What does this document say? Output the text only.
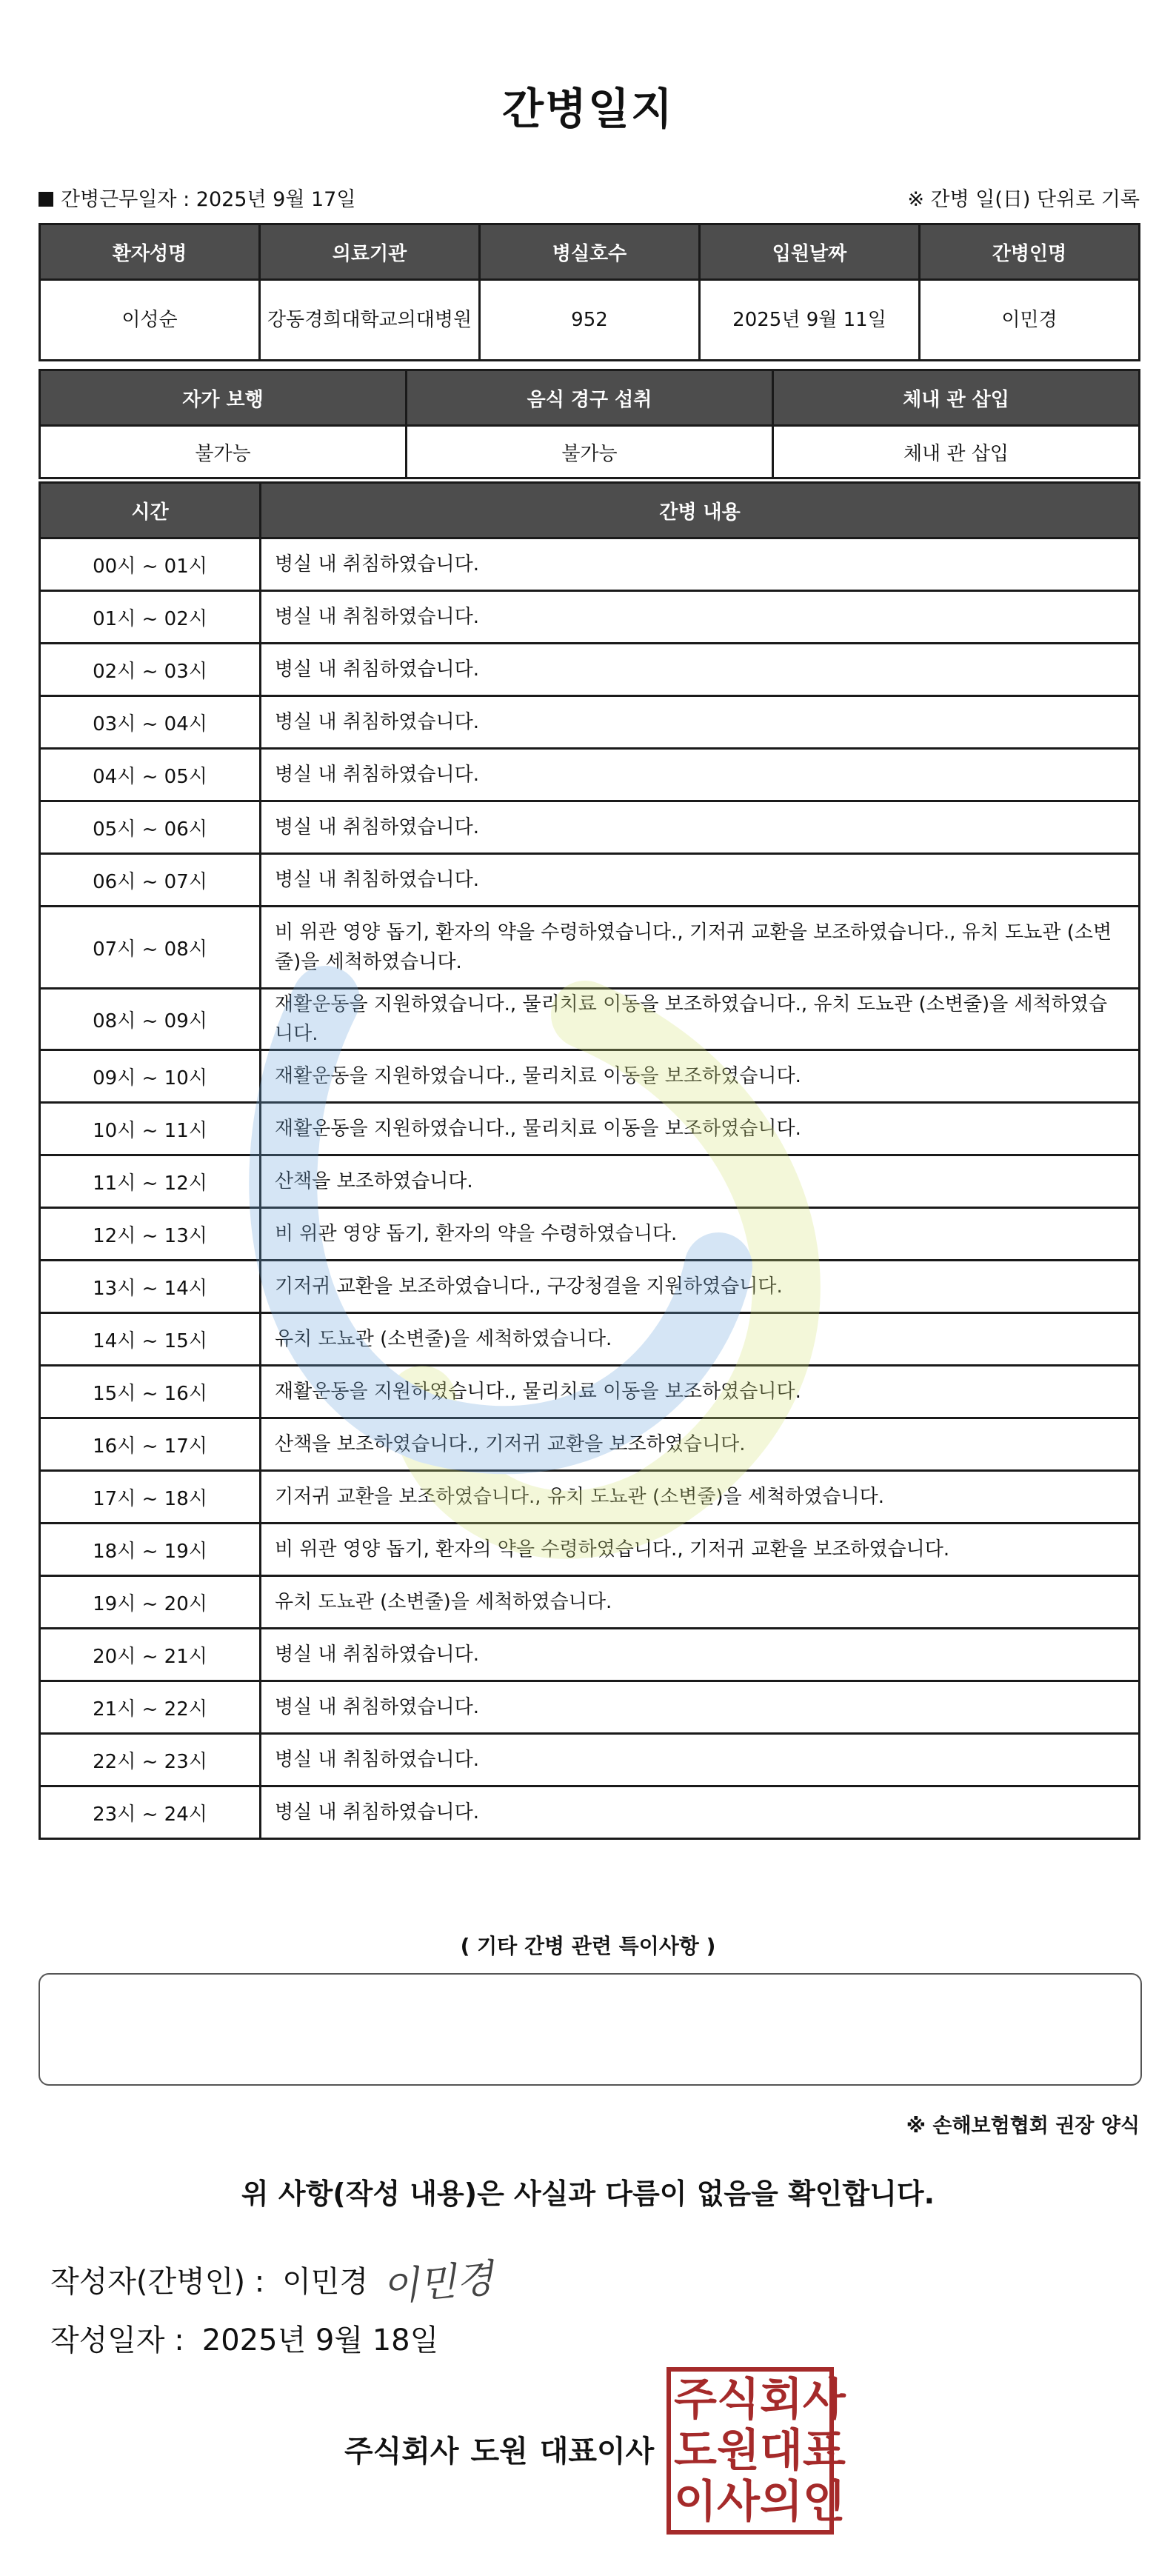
간병일지
간병근무일자 : 2025년 9월 17일	※ 간병 일(日) 단위로 기록
환자성명	의료기관	병실호수	입원날짜	간병인명
이성순	강동경희대학교의대병원	952	2025년 9월 11일	이민경
자가 보행	음식 경구 섭취	체내 관 삽입
불가능	불가능	체내 관 삽입
시간	간병 내용
00시 ~ 01시	병실 내 취침하였습니다.
01시 ~ 02시	병실 내 취침하였습니다.
02시 ~ 03시	병실 내 취침하였습니다.
03시 ~ 04시	병실 내 취침하였습니다.
04시 ~ 05시	병실 내 취침하였습니다.
05시 ~ 06시	병실 내 취침하였습니다.
06시 ~ 07시	병실 내 취침하였습니다.
07시 ~ 08시	비 위관 영양 돕기, 환자의 약을 수령하였습니다., 기저귀 교환을 보조하였습니다., 유치 도뇨관 (소변줄)을 세척하였습니다.
08시 ~ 09시	재활운동을 지원하였습니다., 물리치료 이동을 보조하였습니다., 유치 도뇨관 (소변줄)을 세척하였습니다.
09시 ~ 10시	재활운동을 지원하였습니다., 물리치료 이동을 보조하였습니다.
10시 ~ 11시	재활운동을 지원하였습니다., 물리치료 이동을 보조하였습니다.
11시 ~ 12시	산책을 보조하였습니다.
12시 ~ 13시	비 위관 영양 돕기, 환자의 약을 수령하였습니다.
13시 ~ 14시	기저귀 교환을 보조하였습니다., 구강청결을 지원하였습니다.
14시 ~ 15시	유치 도뇨관 (소변줄)을 세척하였습니다.
15시 ~ 16시	재활운동을 지원하였습니다., 물리치료 이동을 보조하였습니다.
16시 ~ 17시	산책을 보조하였습니다., 기저귀 교환을 보조하였습니다.
17시 ~ 18시	기저귀 교환을 보조하였습니다., 유치 도뇨관 (소변줄)을 세척하였습니다.
18시 ~ 19시	비 위관 영양 돕기, 환자의 약을 수령하였습니다., 기저귀 교환을 보조하였습니다.
19시 ~ 20시	유치 도뇨관 (소변줄)을 세척하였습니다.
20시 ~ 21시	병실 내 취침하였습니다.
21시 ~ 22시	병실 내 취침하였습니다.
22시 ~ 23시	병실 내 취침하였습니다.
23시 ~ 24시	병실 내 취침하였습니다.
( 기타 간병 관련 특이사항 )
※ 손해보험협회 권장 양식
위 사항(작성 내용)은 사실과 다름이 없음을 확인합니다.
작성자(간병인) : 이민경 이민경
작성일자 : 2025년 9월 18일
주식회사 도원 대표이사
주 식 회 사
도 원 대 표
이 사 의 인
